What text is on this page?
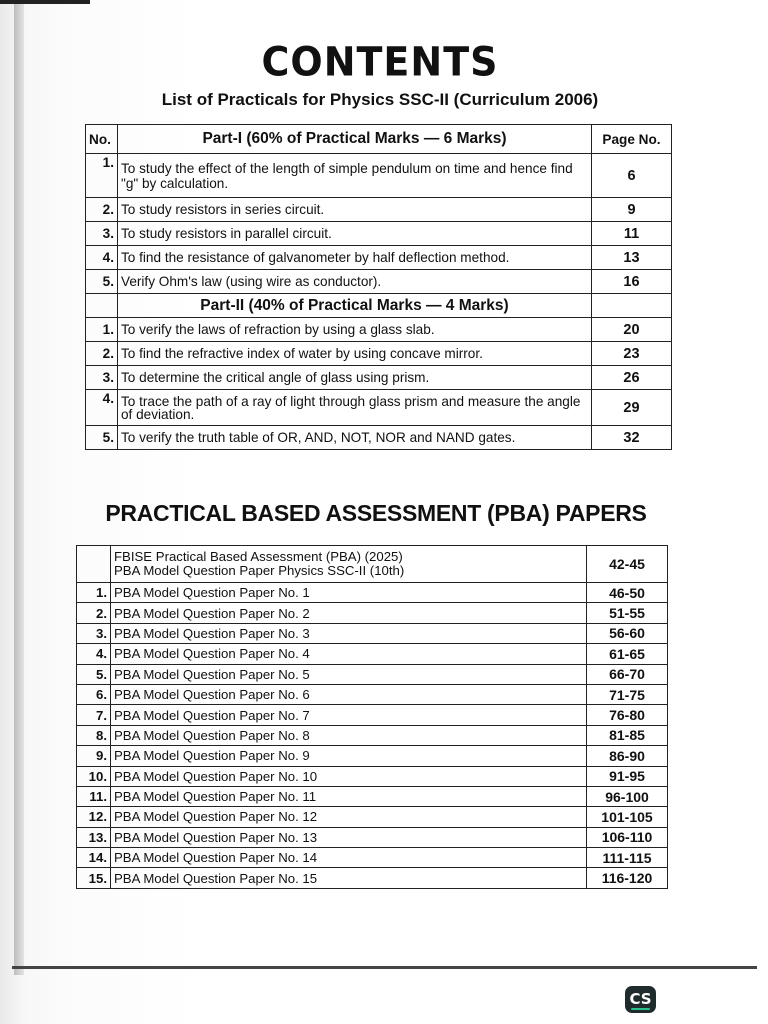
CONTENTS
List of Practicals for Physics SSC-II (Curriculum 2006)
No.	Part-I (60% of Practical Marks — 6 Marks)	Page No.
1.	To study the effect of the length of simple pendulum on time and hence find "g" by calculation.	6
2.	To study resistors in series circuit.	9
3.	To study resistors in parallel circuit.	11
4.	To find the resistance of galvanometer by half deflection method.	13
5.	Verify Ohm's law (using wire as conductor).	16
	Part-II (40% of Practical Marks — 4 Marks)	
1.	To verify the laws of refraction by using a glass slab.	20
2.	To find the refractive index of water by using concave mirror.	23
3.	To determine the critical angle of glass using prism.	26
4.	To trace the path of a ray of light through glass prism and measure the angle of deviation.	29
5.	To verify the truth table of OR, AND, NOT, NOR and NAND gates.	32
PRACTICAL BASED ASSESSMENT (PBA) PAPERS

	FBISE Practical Based Assessment (PBA) (2025)
PBA Model Question Paper Physics SSC-II (10th)	42-45
1.	PBA Model Question Paper No. 1	46-50
2.	PBA Model Question Paper No. 2	51-55
3.	PBA Model Question Paper No. 3	56-60
4.	PBA Model Question Paper No. 4	61-65
5.	PBA Model Question Paper No. 5	66-70
6.	PBA Model Question Paper No. 6	71-75
7.	PBA Model Question Paper No. 7	76-80
8.	PBA Model Question Paper No. 8	81-85
9.	PBA Model Question Paper No. 9	86-90
10.	PBA Model Question Paper No. 10	91-95
11.	PBA Model Question Paper No. 11	96-100
12.	PBA Model Question Paper No. 12	101-105
13.	PBA Model Question Paper No. 13	106-110
14.	PBA Model Question Paper No. 14	111-115
15.	PBA Model Question Paper No. 15	116-120
CS
